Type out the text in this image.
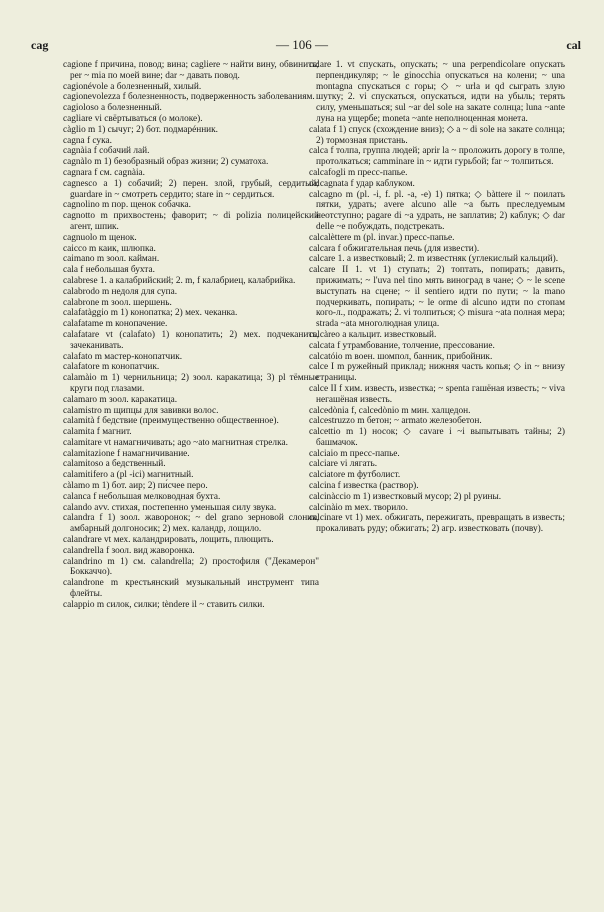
cag	— 106 —	cal

cagione f причина, повод; вина; cagliere ~ найти вину, обвинить; per ~ mia по моей вине; dar ~ давать повод.

cagionévole a болезненный, хилый.

cagionevolezza f болезненность, подверженность заболеваниям.

cagioloso a болезненный.

cagliare vi свёртываться (о молоке).

càglio m 1) сычуг; 2) бот. подмарéнник.

cagna f сука.

cagnàia f собачий лай.

cagnàlo m 1) безобразный образ жизни; 2) суматоха.

cagnara f см. cagnàia.

cagnesco a 1) собачий; 2) перен. злой, грубый, сердитый; guardare in ~ смотреть сердито; stare in ~ сердиться.

cagnolino m пор. щенок собачка.

cagnotto m прихвостень; фаворит; ~ di polizia полицейский агент, шпик.

cagnuolo m щенок.

caicco m каик, шлюпка.

caimano m зоол. кайман.

cala f небольшая бухта.

calabrese 1. a калабрийский; 2. m, f калабриец, калабрийка.

calabrodo m недоля для супа.

calabrone m зоол. шершень.

calafatàggio m 1) конопатка; 2) мех. чеканка.

calafatame m конопачение.

calafatare vt (calafato) 1) конопатить; 2) мех. подчеканить, зачеканивать.

calafato m мастер-конопатчик.

calafatore m конопатчик.

calamàio m 1) чернильница; 2) зоол. каракатица; 3) pl тёмные круги под глазами.

calamaro m зоол. каракатица.

calamistro m щипцы для завивки волос.

calamità f бедствие (преимущественно общественное).

calamita f магнит.

calamitare vt намагничивать; ago ~ato магнитная стрелка.

calamitazione f намагничивание.

calamitoso a бедственный.

calamitifero a (pl -ici) магнитный.

càlamo m 1) бот. аир; 2) пи́счее перо.

calanca f небольшая мелководная бухта.

calando avv. стихая, постепенно уменьшая силу звука.

calandra f 1) зоол. жаворонок; ~ del grano зерновой слоник, амбарный долгоносик; 2) мех. каландр, лощило.

calandrare vt мех. каландрировать, лощить, плющить.

calandrella f зоол. вид жаворонка.

calandrino m 1) см. calandrella; 2) простофиля ("Декамерон" Боккаччо).

calandrone m крестьянский музыкальный инструмент типа флейты.

calappio m силок, силки; tèndere il ~ ставить силки.

calare 1. vt спускать, опускать; ~ una perpendicolare опускать перпендикуляр; ~ le ginocchia опускаться на колени; ~ una montagna спускаться с горы; ◇ ~ urla и qd сыграть злую шутку; 2. vi спускаться, опускаться, идти на убыль; терять силу, уменьшаться; sul ~ar del sole на закате солнца; luna ~ante луна на ущербе; moneta ~ante неполноценная монета.

calata f 1) спуск (схождение вниз); ◇ a ~ di sole на закате солнца; 2) тормозная пристань.

calca f толпа, группа людей; aprir la ~ проложить дорогу в толпе, протолкаться; camminare in ~ идти гурьбой; far ~ толпиться.

calcafogli m пресс-папье.

calcagnata f удар каблуком.

calcagno m (pl. -i, f. pl. -a, -e) 1) пятка; ◇ bàttere il ~ поилать пятки, удрать; avere alcuno alle ~a быть преследуемым неотступно; pagare di ~a удрать, не заплатив; 2) каблук; ◇ dar delle ~e побуждать, подстрекать.

calcalèttere m (pl. invar.) пресс-папье.

calcara f обжигательная печь (для извести).

calcare 1. a известковый; 2. m известняк (углекислый кальций).

calcare II 1. vt 1) ступать; 2) топтать, попирать; давить, прижимать; ~ l'uva nel tino мять виноград в чане; ◇ ~ le scene выступать на сцене; ~ il sentiero идти по пути; ~ la mano подчеркивать, попирать; ~ le orme di alcuno идти по стопам кого-л., подражать; 2. vi толпиться; ◇ misura ~ata полная мера; strada ~ata многолюдная улица.

calcàreo a кальцит. известковый.

calcata f утрамбование, толчение, прессование.

calcatóio m воен. шомпол, банник, прибойник.

calce I m ружейный приклад; нижняя часть копья; ◇ in ~ внизу страницы.

calce II f хим. известь, известка; ~ spenta гашёная известь; ~ viva негашёная известь.

calcedònia f, calcedònio m мин. халцедон.

calcestruzzo m бетон; ~ armato железобетон.

calcettio m 1) носок; ◇ cavare i ~i выпытывать тайны; 2) башмачок.

calciaio m пресс-папье.

calciare vi лягать.

calciatore m футболист.

calcina f известка (раствор).

calcinàccio m 1) известковый мусор; 2) pl руины.

calcinàio m мех. творило.

calcinare vt 1) мех. обжигать, пережигать, превращать в известь; прокаливать руду; обжигать; 2) агр. известковать (почву).
